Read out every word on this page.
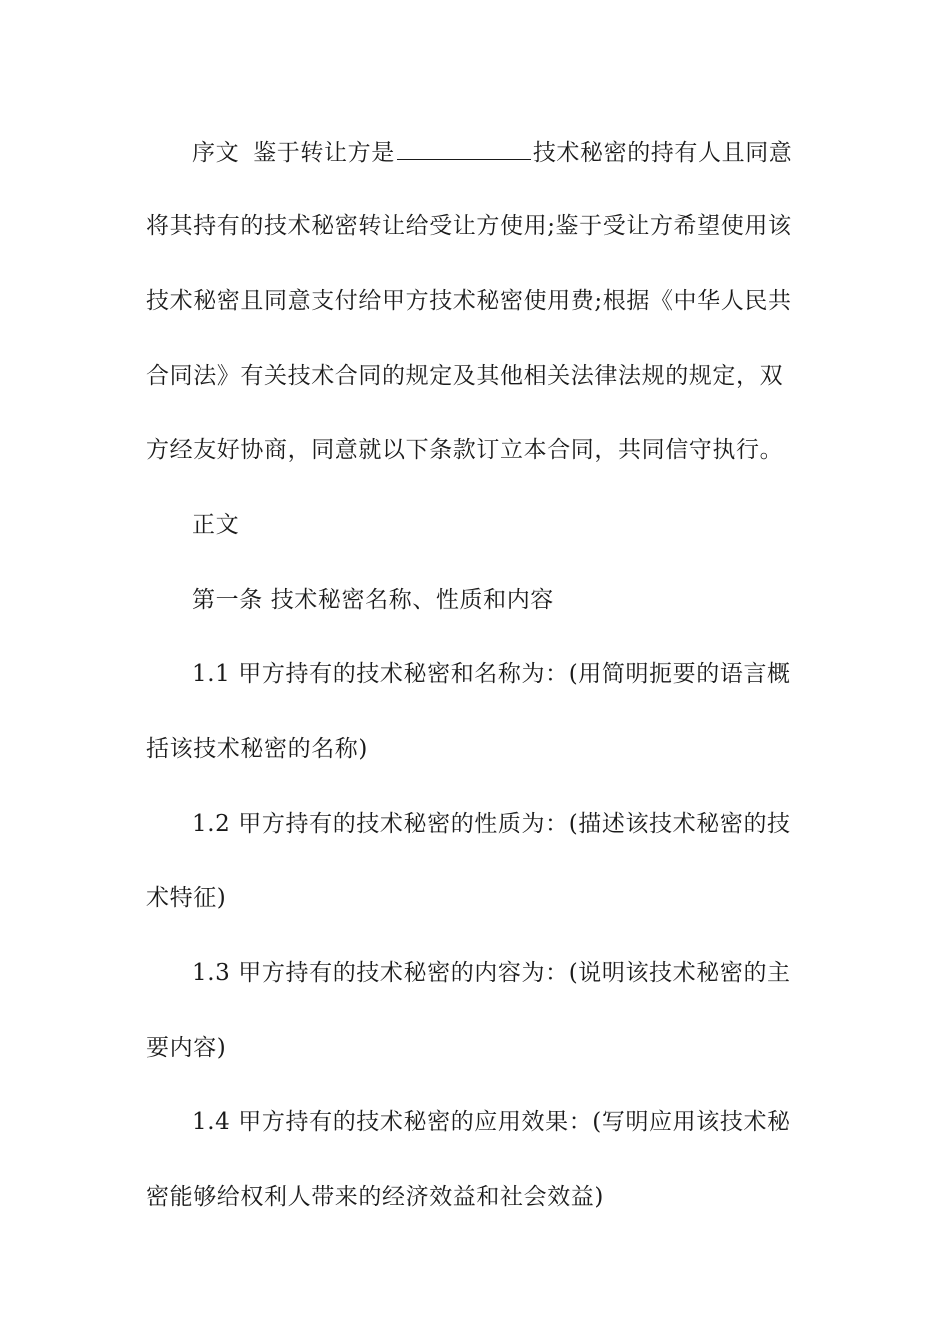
序文 鉴于转让方是	技术秘密的持有人且同意
将其持有的技术秘密转让给受让方使用;鉴于受让方希望使用该
技术秘密且同意支付给甲方技术秘密使用费;根据《中华人民共
合同法》有关技术合同的规定及其他相关法律法规的规定，双
方经友好协商，同意就以下条款订立本合同，共同信守执行。
正文
第一条 技术秘密名称、性质和内容
1.1 甲方持有的技术秘密和名称为：(用简明扼要的语言概
括该技术秘密的名称)
1.2 甲方持有的技术秘密的性质为：(描述该技术秘密的技
术特征)
1.3 甲方持有的技术秘密的内容为：(说明该技术秘密的主
要内容)
1.4 甲方持有的技术秘密的应用效果：(写明应用该技术秘
密能够给权利人带来的经济效益和社会效益)
